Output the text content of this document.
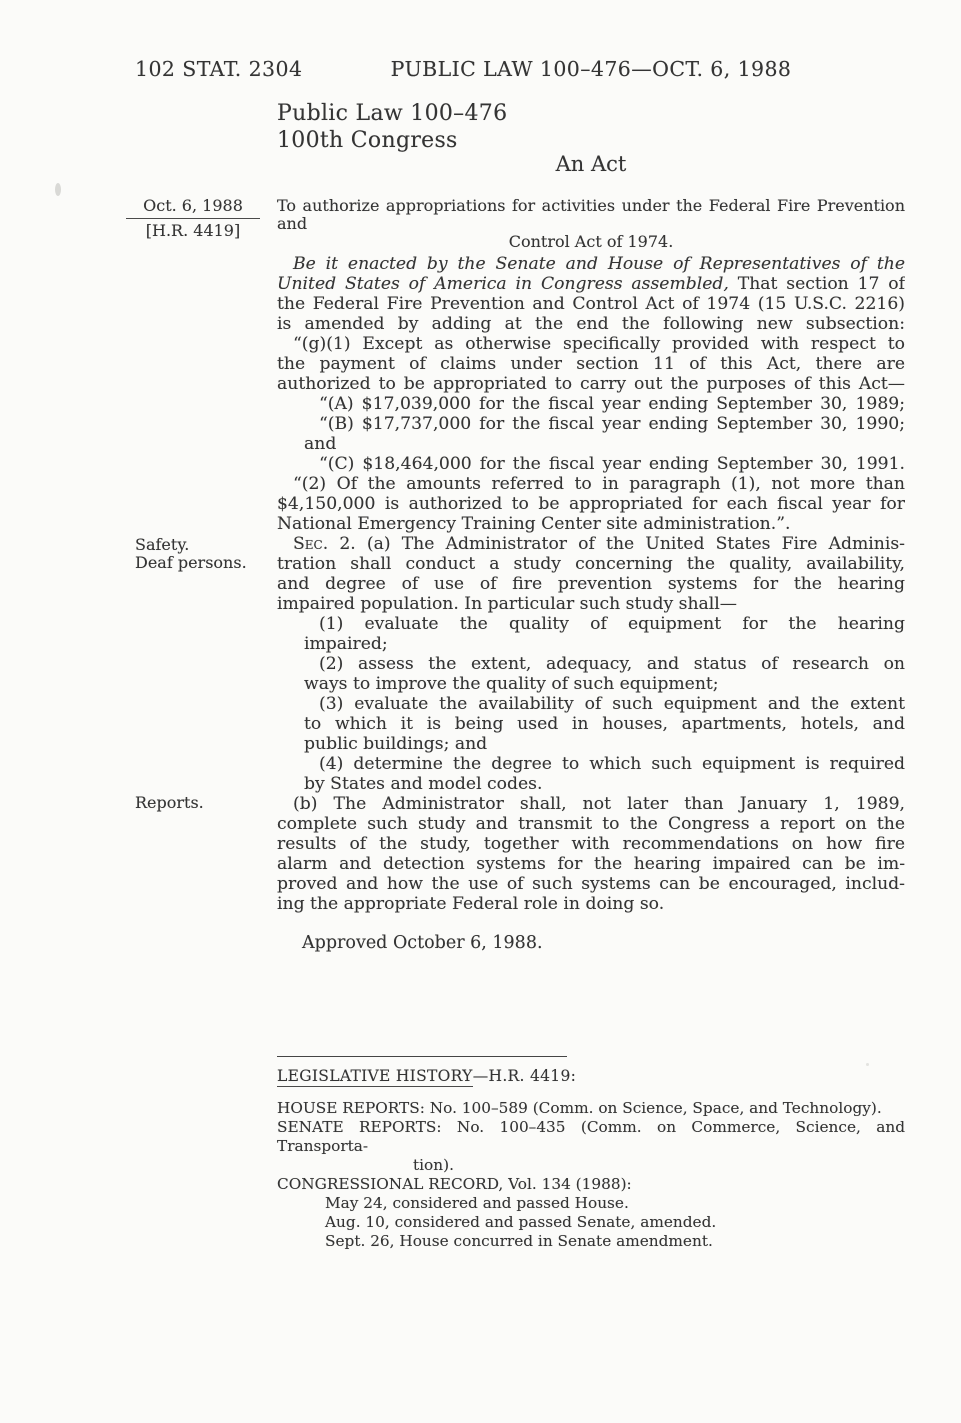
102 STAT. 2304	PUBLIC LAW 100–476—OCT. 6, 1988
Public Law 100–476
100th Congress
An Act
Oct. 6, 1988
[H.R. 4419]
To authorize appropriations for activities under the Federal Fire Prevention and
Control Act of 1974.
Safety.
Deaf persons.
Reports.
Be it enacted by the Senate and House of Representatives of the
United States of America in Congress assembled, That section 17 of
the Federal Fire Prevention and Control Act of 1974 (15 U.S.C. 2216)
is amended by adding at the end the following new subsection:
“(g)(1) Except as otherwise specifically provided with respect to
the payment of claims under section 11 of this Act, there are
authorized to be appropriated to carry out the purposes of this Act—
“(A) $17,039,000 for the fiscal year ending September 30, 1989;
“(B) $17,737,000 for the fiscal year ending September 30, 1990;
and
“(C) $18,464,000 for the fiscal year ending September 30, 1991.
“(2) Of the amounts referred to in paragraph (1), not more than
$4,150,000 is authorized to be appropriated for each fiscal year for
National Emergency Training Center site administration.”.
Sec. 2. (a) The Administrator of the United States Fire Adminis-
tration shall conduct a study concerning the quality, availability,
and degree of use of fire prevention systems for the hearing
impaired population. In particular such study shall—
(1) evaluate the quality of equipment for the hearing
impaired;
(2) assess the extent, adequacy, and status of research on
ways to improve the quality of such equipment;
(3) evaluate the availability of such equipment and the extent
to which it is being used in houses, apartments, hotels, and
public buildings; and
(4) determine the degree to which such equipment is required
by States and model codes.
(b) The Administrator shall, not later than January 1, 1989,
complete such study and transmit to the Congress a report on the
results of the study, together with recommendations on how fire
alarm and detection systems for the hearing impaired can be im-
proved and how the use of such systems can be encouraged, includ-
ing the appropriate Federal role in doing so.
Approved October 6, 1988.
LEGISLATIVE HISTORY—H.R. 4419:
HOUSE REPORTS: No. 100–589 (Comm. on Science, Space, and Technology).
SENATE REPORTS: No. 100–435 (Comm. on Commerce, Science, and Transporta-
tion).
CONGRESSIONAL RECORD, Vol. 134 (1988):
May 24, considered and passed House.
Aug. 10, considered and passed Senate, amended.
Sept. 26, House concurred in Senate amendment.
